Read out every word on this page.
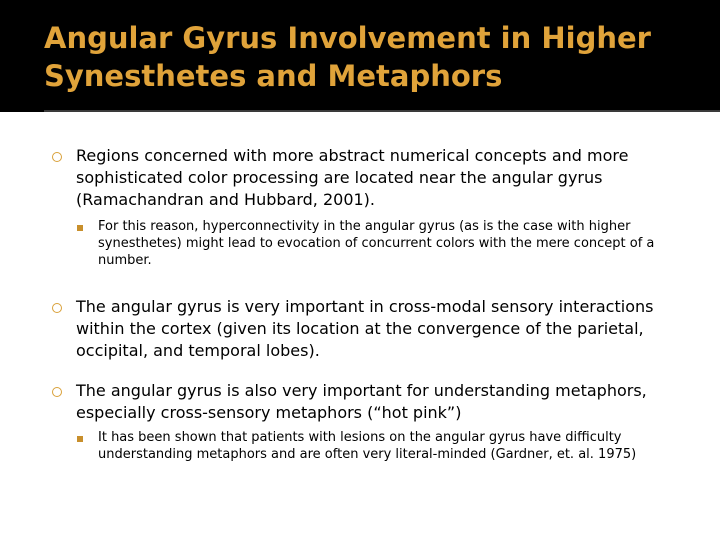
Angular Gyrus Involvement in Higher Synesthetes and Metaphors
Regions concerned with more abstract numerical concepts and more sophisticated color processing are located near the angular gyrus (Ramachandran and Hubbard, 2001).
For this reason, hyperconnectivity in the angular gyrus (as is the case with higher synesthetes) might lead to evocation of concurrent colors with the mere concept of a number.
The angular gyrus is very important in cross-modal sensory interactions within the cortex (given its location at the convergence of the parietal, occipital, and temporal lobes).
The angular gyrus is also very important for understanding metaphors, especially cross-sensory metaphors (“hot pink”)
It has been shown that patients with lesions on the angular gyrus have difficulty understanding metaphors and are often very literal-minded (Gardner, et. al. 1975)
